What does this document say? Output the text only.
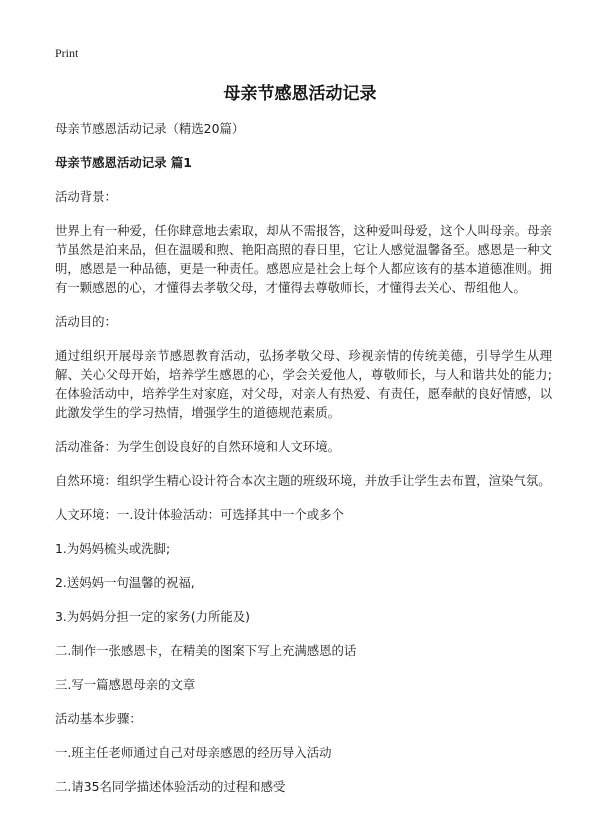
Print
母亲节感恩活动记录

母亲节感恩活动记录（精选20篇）

母亲节感恩活动记录 篇1

活动背景：

世界上有一种爱，任你肆意地去索取，却从不需报答，这种爱叫母爱，这个人叫母亲。母亲节虽然是泊来品，但在温暖和煦、艳阳高照的春日里，它让人感觉温馨备至。感恩是一种文明，感恩是一种品德，更是一种责任。感恩应是社会上每个人都应该有的基本道德准则。拥有一颗感恩的心，才懂得去孝敬父母，才懂得去尊敬师长，才懂得去关心、帮组他人。

活动目的：

通过组织开展母亲节感恩教育活动，弘扬孝敬父母、珍视亲情的传统美德，引导学生从理解、关心父母开始，培养学生感恩的心，学会关爱他人，尊敬师长，与人和谐共处的能力;在体验活动中，培养学生对家庭，对父母，对亲人有热爱、有责任，愿奉献的良好情感，以此激发学生的学习热情，增强学生的道德规范素质。

活动准备：为学生创设良好的自然环境和人文环境。

自然环境：组织学生精心设计符合本次主题的班级环境，并放手让学生去布置，渲染气氛。

人文环境：一.设计体验活动：可选择其中一个或多个

1.为妈妈梳头或洗脚;

2.送妈妈一句温馨的祝福,

3.为妈妈分担一定的家务(力所能及)

二.制作一张感恩卡，在精美的图案下写上充满感恩的话

三.写一篇感恩母亲的文章

活动基本步骤：

一.班主任老师通过自己对母亲感恩的经历导入活动

二.请35名同学描述体验活动的过程和感受
